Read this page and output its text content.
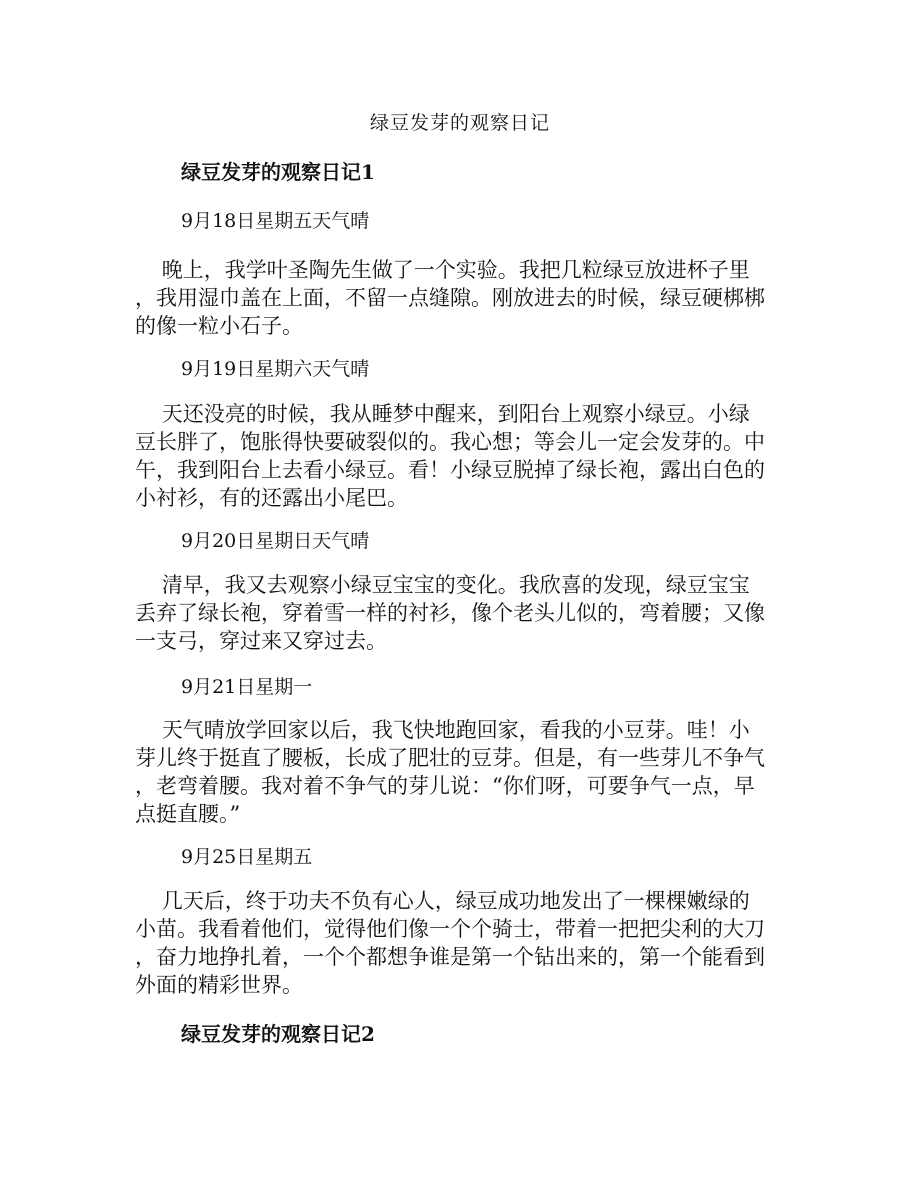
绿豆发芽的观察日记
绿豆发芽的观察日记1
9月18日星期五天气晴
晚上，我学叶圣陶先生做了一个实验。我把几粒绿豆放进杯子里
，我用湿巾盖在上面，不留一点缝隙。刚放进去的时候，绿豆硬梆梆
的像一粒小石子。
9月19日星期六天气晴
天还没亮的时候，我从睡梦中醒来，到阳台上观察小绿豆。小绿
豆长胖了，饱胀得快要破裂似的。我心想；等会儿一定会发芽的。中
午，我到阳台上去看小绿豆。看！小绿豆脱掉了绿长袍，露出白色的
小衬衫，有的还露出小尾巴。
9月20日星期日天气晴
清早，我又去观察小绿豆宝宝的变化。我欣喜的发现，绿豆宝宝
丢弃了绿长袍，穿着雪一样的衬衫，像个老头儿似的，弯着腰；又像
一支弓，穿过来又穿过去。
9月21日星期一
天气晴放学回家以后，我飞快地跑回家，看我的小豆芽。哇！小
芽儿终于挺直了腰板，长成了肥壮的豆芽。但是，有一些芽儿不争气
，老弯着腰。我对着不争气的芽儿说：“你们呀，可要争气一点，早
点挺直腰。”
9月25日星期五
几天后，终于功夫不负有心人，绿豆成功地发出了一棵棵嫩绿的
小苗。我看着他们，觉得他们像一个个骑士，带着一把把尖利的大刀
，奋力地挣扎着，一个个都想争谁是第一个钻出来的，第一个能看到
外面的精彩世界。
绿豆发芽的观察日记2
